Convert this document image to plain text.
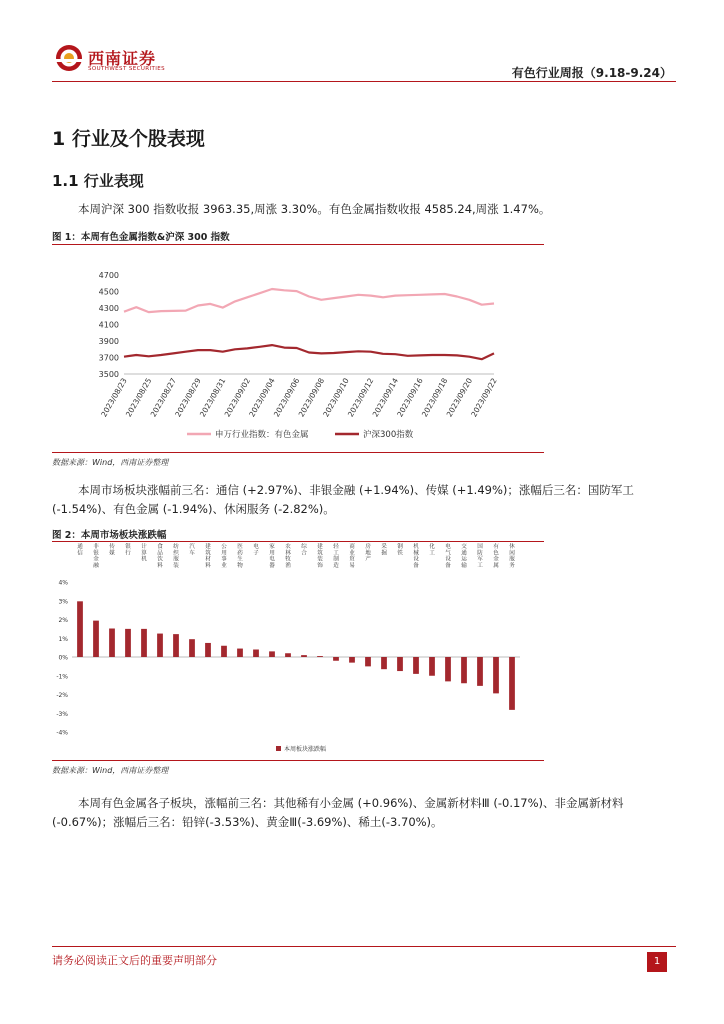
西南证券
SOUTHWEST SECURITIES	有色行业周报（9.18-9.24）
1 行业及个股表现
1.1 行业表现
本周沪深 300 指数收报 3963.35,周涨 3.30%。有色金属指数收报 4585.24,周涨 1.47%。
图 1：本周有色金属指数&沪深 300 指数
4700
4500
4300
4100
3900
3700
3500
2023/08/23
2023/08/25
2023/08/27
2023/08/29
2023/08/31
2023/09/02
2023/09/04
2023/09/06
2023/09/08
2023/09/10
2023/09/12
2023/09/14
2023/09/16
2023/09/18
2023/09/20
2023/09/22
申万行业指数：有色金属	沪深300指数
数据来源：Wind，西南证券整理
本周市场板块涨幅前三名：通信 (+2.97%)、非银金融 (+1.94%)、传媒 (+1.49%)；涨幅后三名：国防军工 (-1.54%)、有色金属 (-1.94%)、休闲服务 (-2.82%)。
图 2：本周市场板块涨跌幅
4%
3%
2%
1%
0%
-1%
-2%
-3%
-4%
通信
非银金融
传媒
银行
计算机
食品饮料
纺织服装
汽车
建筑材料
公用事业
医药生物
电子
家用电器
农林牧渔
综合
建筑装饰
轻工制造
商业贸易
房地产
采掘
钢铁
机械设备
化工
电气设备
交通运输
国防军工
有色金属
休闲服务
本周板块涨跌幅
数据来源：Wind，西南证券整理
本周有色金属各子板块，涨幅前三名：其他稀有小金属 (+0.96%)、金属新材料Ⅲ (-0.17%)、非金属新材料(-0.67%)；涨幅后三名：铅锌(-3.53%)、黄金Ⅲ(-3.69%)、稀土(-3.70%)。
请务必阅读正文后的重要声明部分	1
